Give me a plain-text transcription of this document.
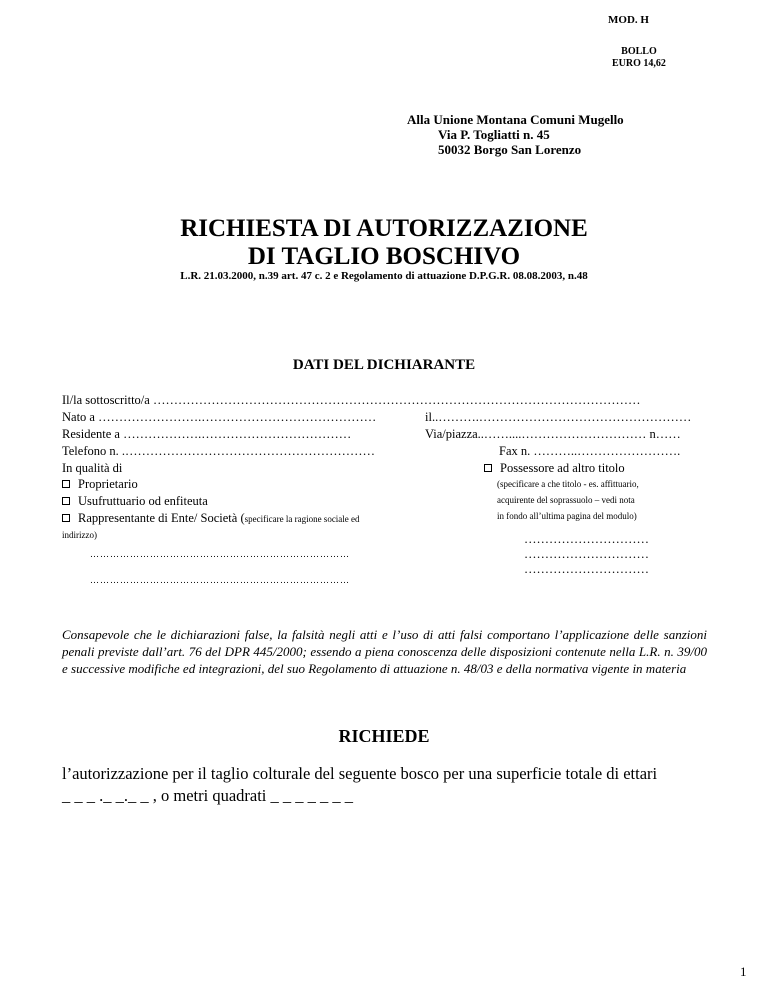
MOD. H
BOLLO
EURO 14,62
Alla Unione Montana Comuni Mugello
Via P. Togliatti n. 45
50032 Borgo San Lorenzo
RICHIESTA DI AUTORIZZAZIONE
DI TAGLIO BOSCHIVO
L.R. 21.03.2000, n.39 art. 47 c. 2 e Regolamento di attuazione D.P.G.R. 08.08.2003, n.48
DATI DEL DICHIARANTE
Il/la sottoscritto/a ………………………………………………………………………………………………………
Nato a …………………….……………………………………	il..……….……………………………………………
Residente a ……………….………………………………	Via/piazza..……....………………………… n……
Telefono n. .……………………………………………………	Fax n. ………..…………………….
In qualità di
Proprietario
Usufruttuario od enfiteuta
Rappresentante di Ente/ Società (specificare la ragione sociale ed
indirizzo)
Possessore ad altro titolo
(specificare a che titolo - es. affittuario,
acquirente del soprassuolo – vedi nota
in fondo all’ultima pagina del modulo)
…………………………
…………………………
…………………………
……………………………………………………………………
……………………………………………………………………
Consapevole che le dichiarazioni false, la falsità negli atti e l’uso di atti falsi comportano l’applicazione delle sanzioni penali previste dall’art. 76 del DPR 445/2000; essendo a piena conoscenza delle disposizioni contenute nella L.R. n. 39/00 e successive modifiche ed integrazioni, del suo Regolamento di attuazione n. 48/03 e della normativa vigente in materia
RICHIEDE
l’autorizzazione per il taglio colturale del seguente bosco per una superficie totale di ettari
_ _ _ ._ _._ _ , o metri quadrati _ _ _ _ _ _ _
1
